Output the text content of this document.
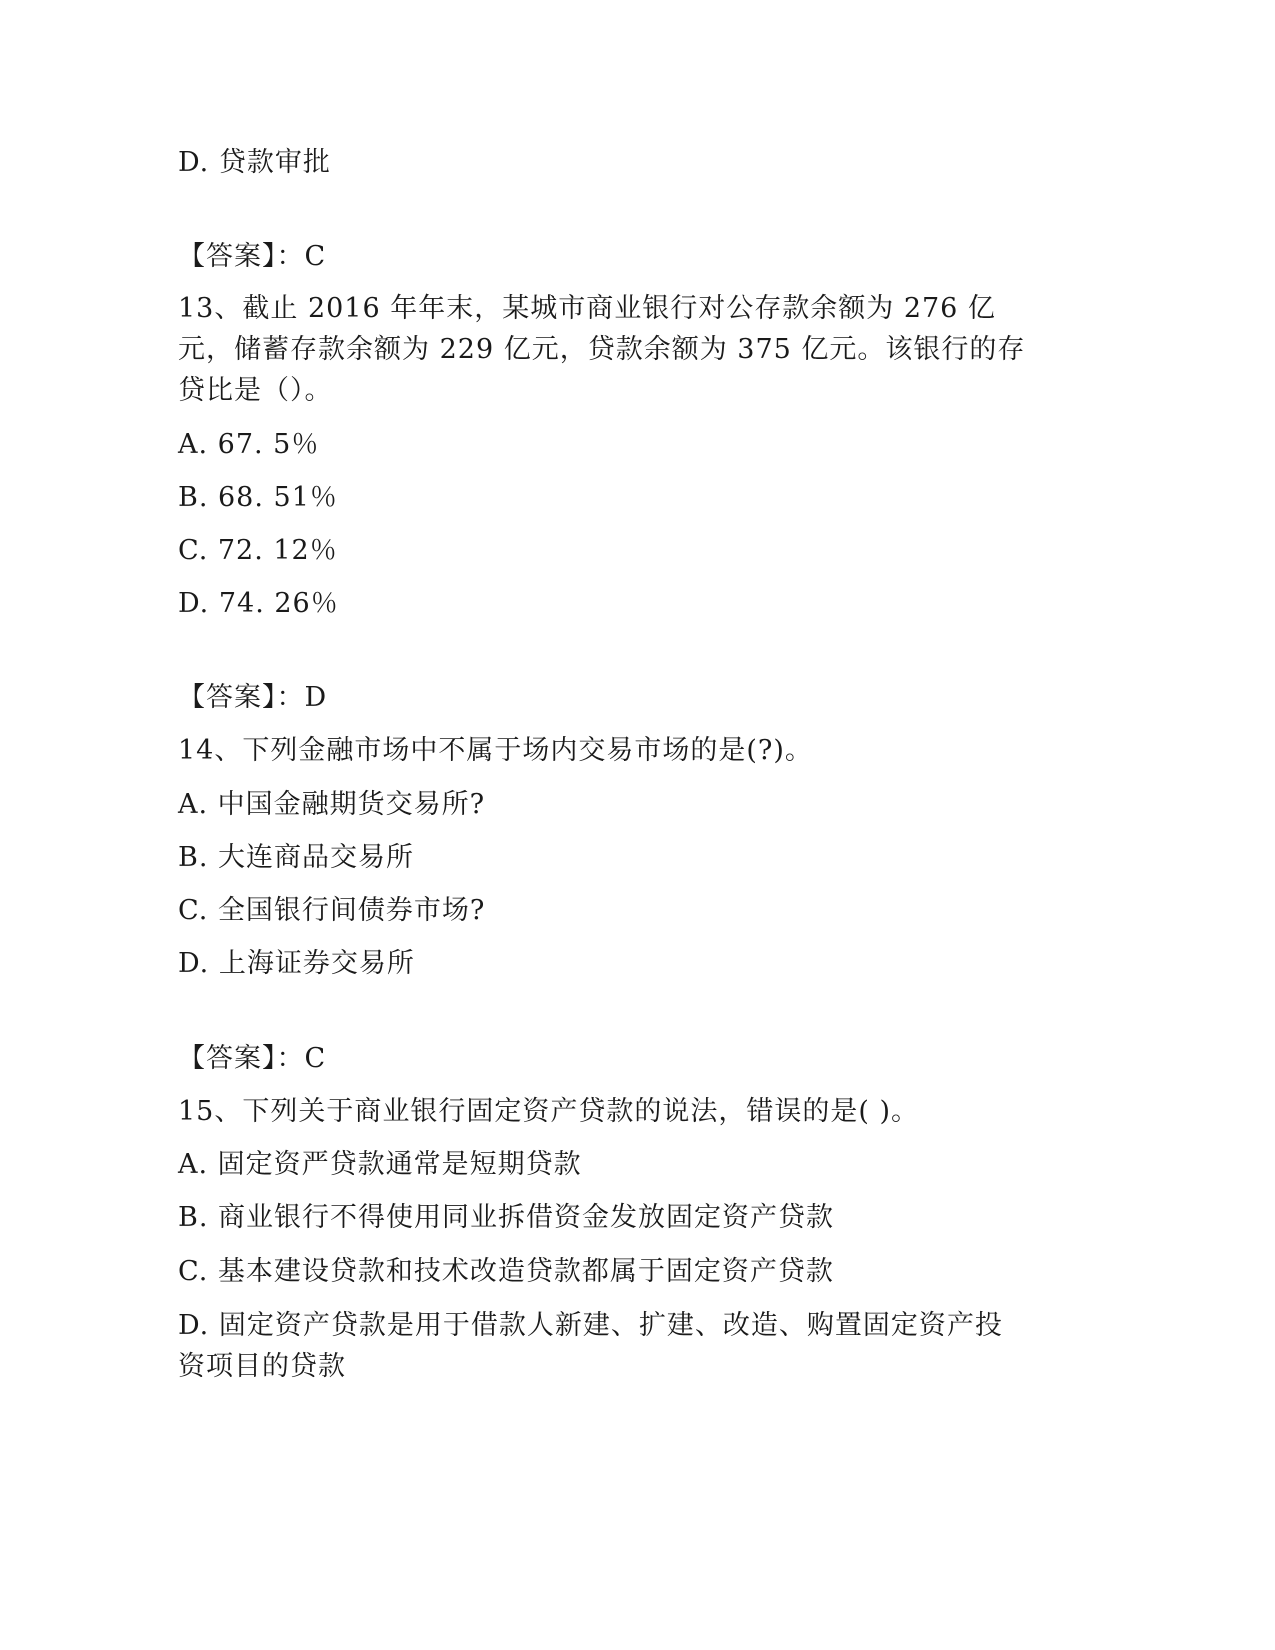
D. 贷款审批
【答案】：C
13、截止 2016 年年末，某城市商业银行对公存款余额为 276 亿元，储蓄存款余额为 229 亿元，贷款余额为 375 亿元。该银行的存贷比是（）。
A. 67. 5％
B. 68. 51％
C. 72. 12％
D. 74. 26％
【答案】：D
14、下列金融市场中不属于场内交易市场的是(?)。
A. 中国金融期货交易所?
B. 大连商品交易所
C. 全国银行间债券市场?
D. 上海证券交易所
【答案】：C
15、下列关于商业银行固定资产贷款的说法，错误的是( )。
A. 固定资严贷款通常是短期贷款
B. 商业银行不得使用同业拆借资金发放固定资产贷款
C. 基本建设贷款和技术改造贷款都属于固定资产贷款
D. 固定资产贷款是用于借款人新建、扩建、改造、购置固定资产投资项目的贷款
